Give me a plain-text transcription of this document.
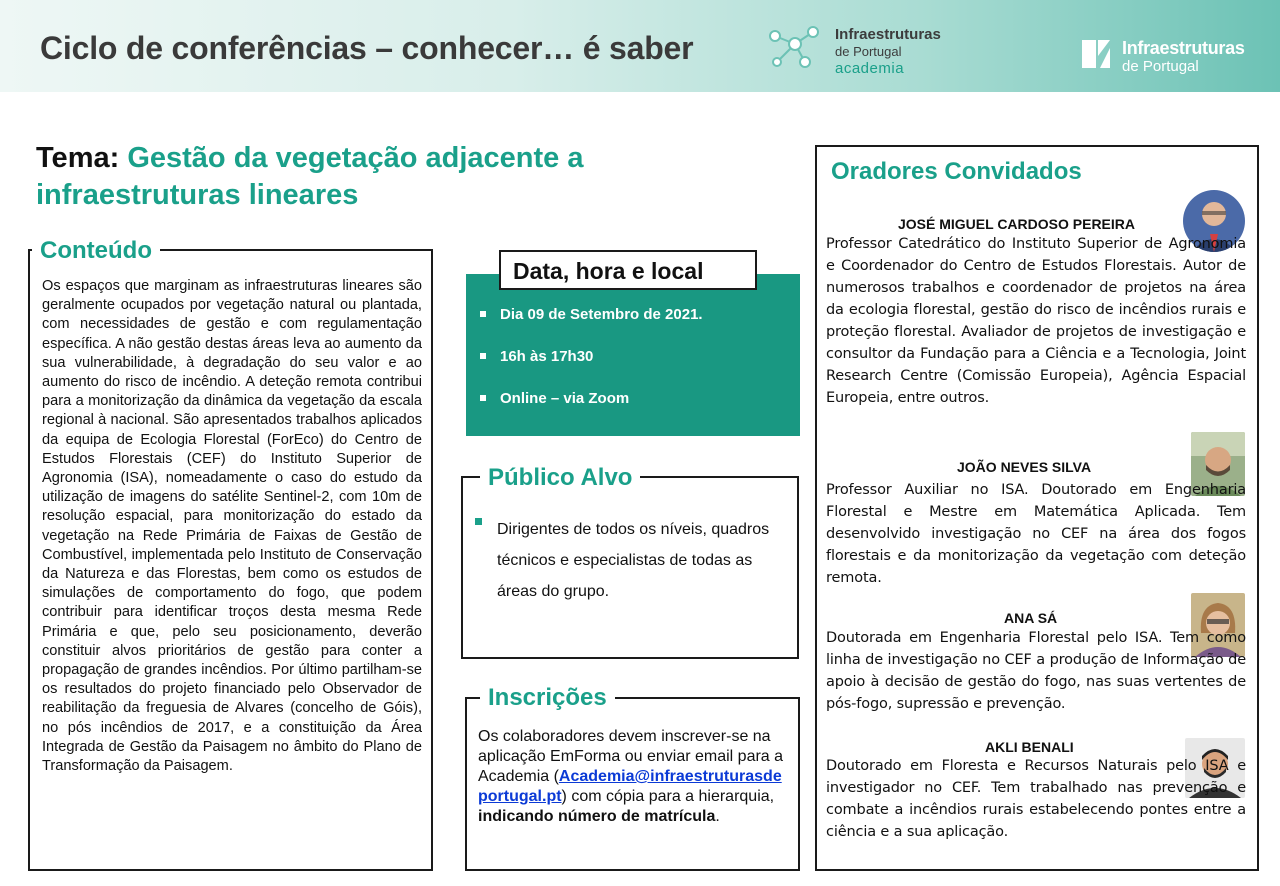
Ciclo de conferências – conhecer… é saber	Infraestruturas
de Portugal
academia
Infraestruturas
de Portugal
Tema: Gestão da vegetação adjacente a infraestruturas lineares
Os espaços que marginam as infraestruturas lineares são geralmente ocupados por vegetação natural ou plantada, com necessidades de gestão e com regulamentação específica. A não gestão destas áreas leva ao aumento da sua vulnerabilidade, à degradação do seu valor e ao aumento do risco de incêndio. A deteção remota contribui para a monitorização da dinâmica da vegetação da escala regional à nacional. São apresentados trabalhos aplicados da equipa de Ecologia Florestal (ForEco) do Centro de Estudos Florestais (CEF) do Instituto Superior de Agronomia (ISA), nomeadamente o caso do estudo da utilização de imagens do satélite Sentinel-2, com 10m de resolução espacial, para monitorização do estado da vegetação na Rede Primária de Faixas de Gestão de Combustível, implementada pelo Instituto de Conservação da Natureza e das Florestas, bem como os estudos de simulações de comportamento do fogo, que podem contribuir para identificar troços desta mesma Rede Primária e que, pelo seu posicionamento, deverão constituir alvos prioritários de gestão para conter a propagação de grandes incêndios. Por último partilham-se os resultados do projeto financiado pelo Observador de reabilitação da freguesia de Alvares (concelho de Góis), no pós incêndios de 2017, e a constituição da Área Integrada de Gestão da Paisagem no âmbito do Plano de Transformação da Paisagem.
Conteúdo
Data, hora e local
Dia 09 de Setembro de 2021.
16h às 17h30
Online – via Zoom
Público Alvo
Dirigentes de todos os níveis, quadros técnicos e especialistas de todas as áreas do grupo.
Inscrições
Os colaboradores devem inscrever-se na aplicação EmForma ou enviar email para a Academia (Academia@infraestruturasdeportugal.pt) com cópia para a hierarquia, indicando número de matrícula.
Oradores Convidados
JOSÉ MIGUEL CARDOSO PEREIRA
Professor Catedrático do Instituto Superior de Agronomia e Coordenador do Centro de Estudos Florestais. Autor de numerosos trabalhos e coordenador de projetos na área da ecologia florestal, gestão do risco de incêndios rurais e proteção florestal. Avaliador de projetos de investigação e consultor da Fundação para a Ciência e a Tecnologia, Joint Research Centre (Comissão Europeia), Agência Espacial Europeia, entre outros.
JOÃO NEVES SILVA
Professor Auxiliar no ISA. Doutorado em Engenharia Florestal e Mestre em Matemática Aplicada. Tem desenvolvido investigação no CEF na área dos fogos florestais e da monitorização da vegetação com deteção remota.
ANA SÁ
Doutorada em Engenharia Florestal pelo ISA. Tem como linha de investigação no CEF a produção de Informação de apoio à decisão de gestão do fogo, nas suas vertentes de pós-fogo, supressão e prevenção.
AKLI BENALI
Doutorado em Floresta e Recursos Naturais pelo ISA e investigador no CEF. Tem trabalhado nas prevenção e combate a incêndios rurais estabelecendo pontes entre a ciência e a sua aplicação.
